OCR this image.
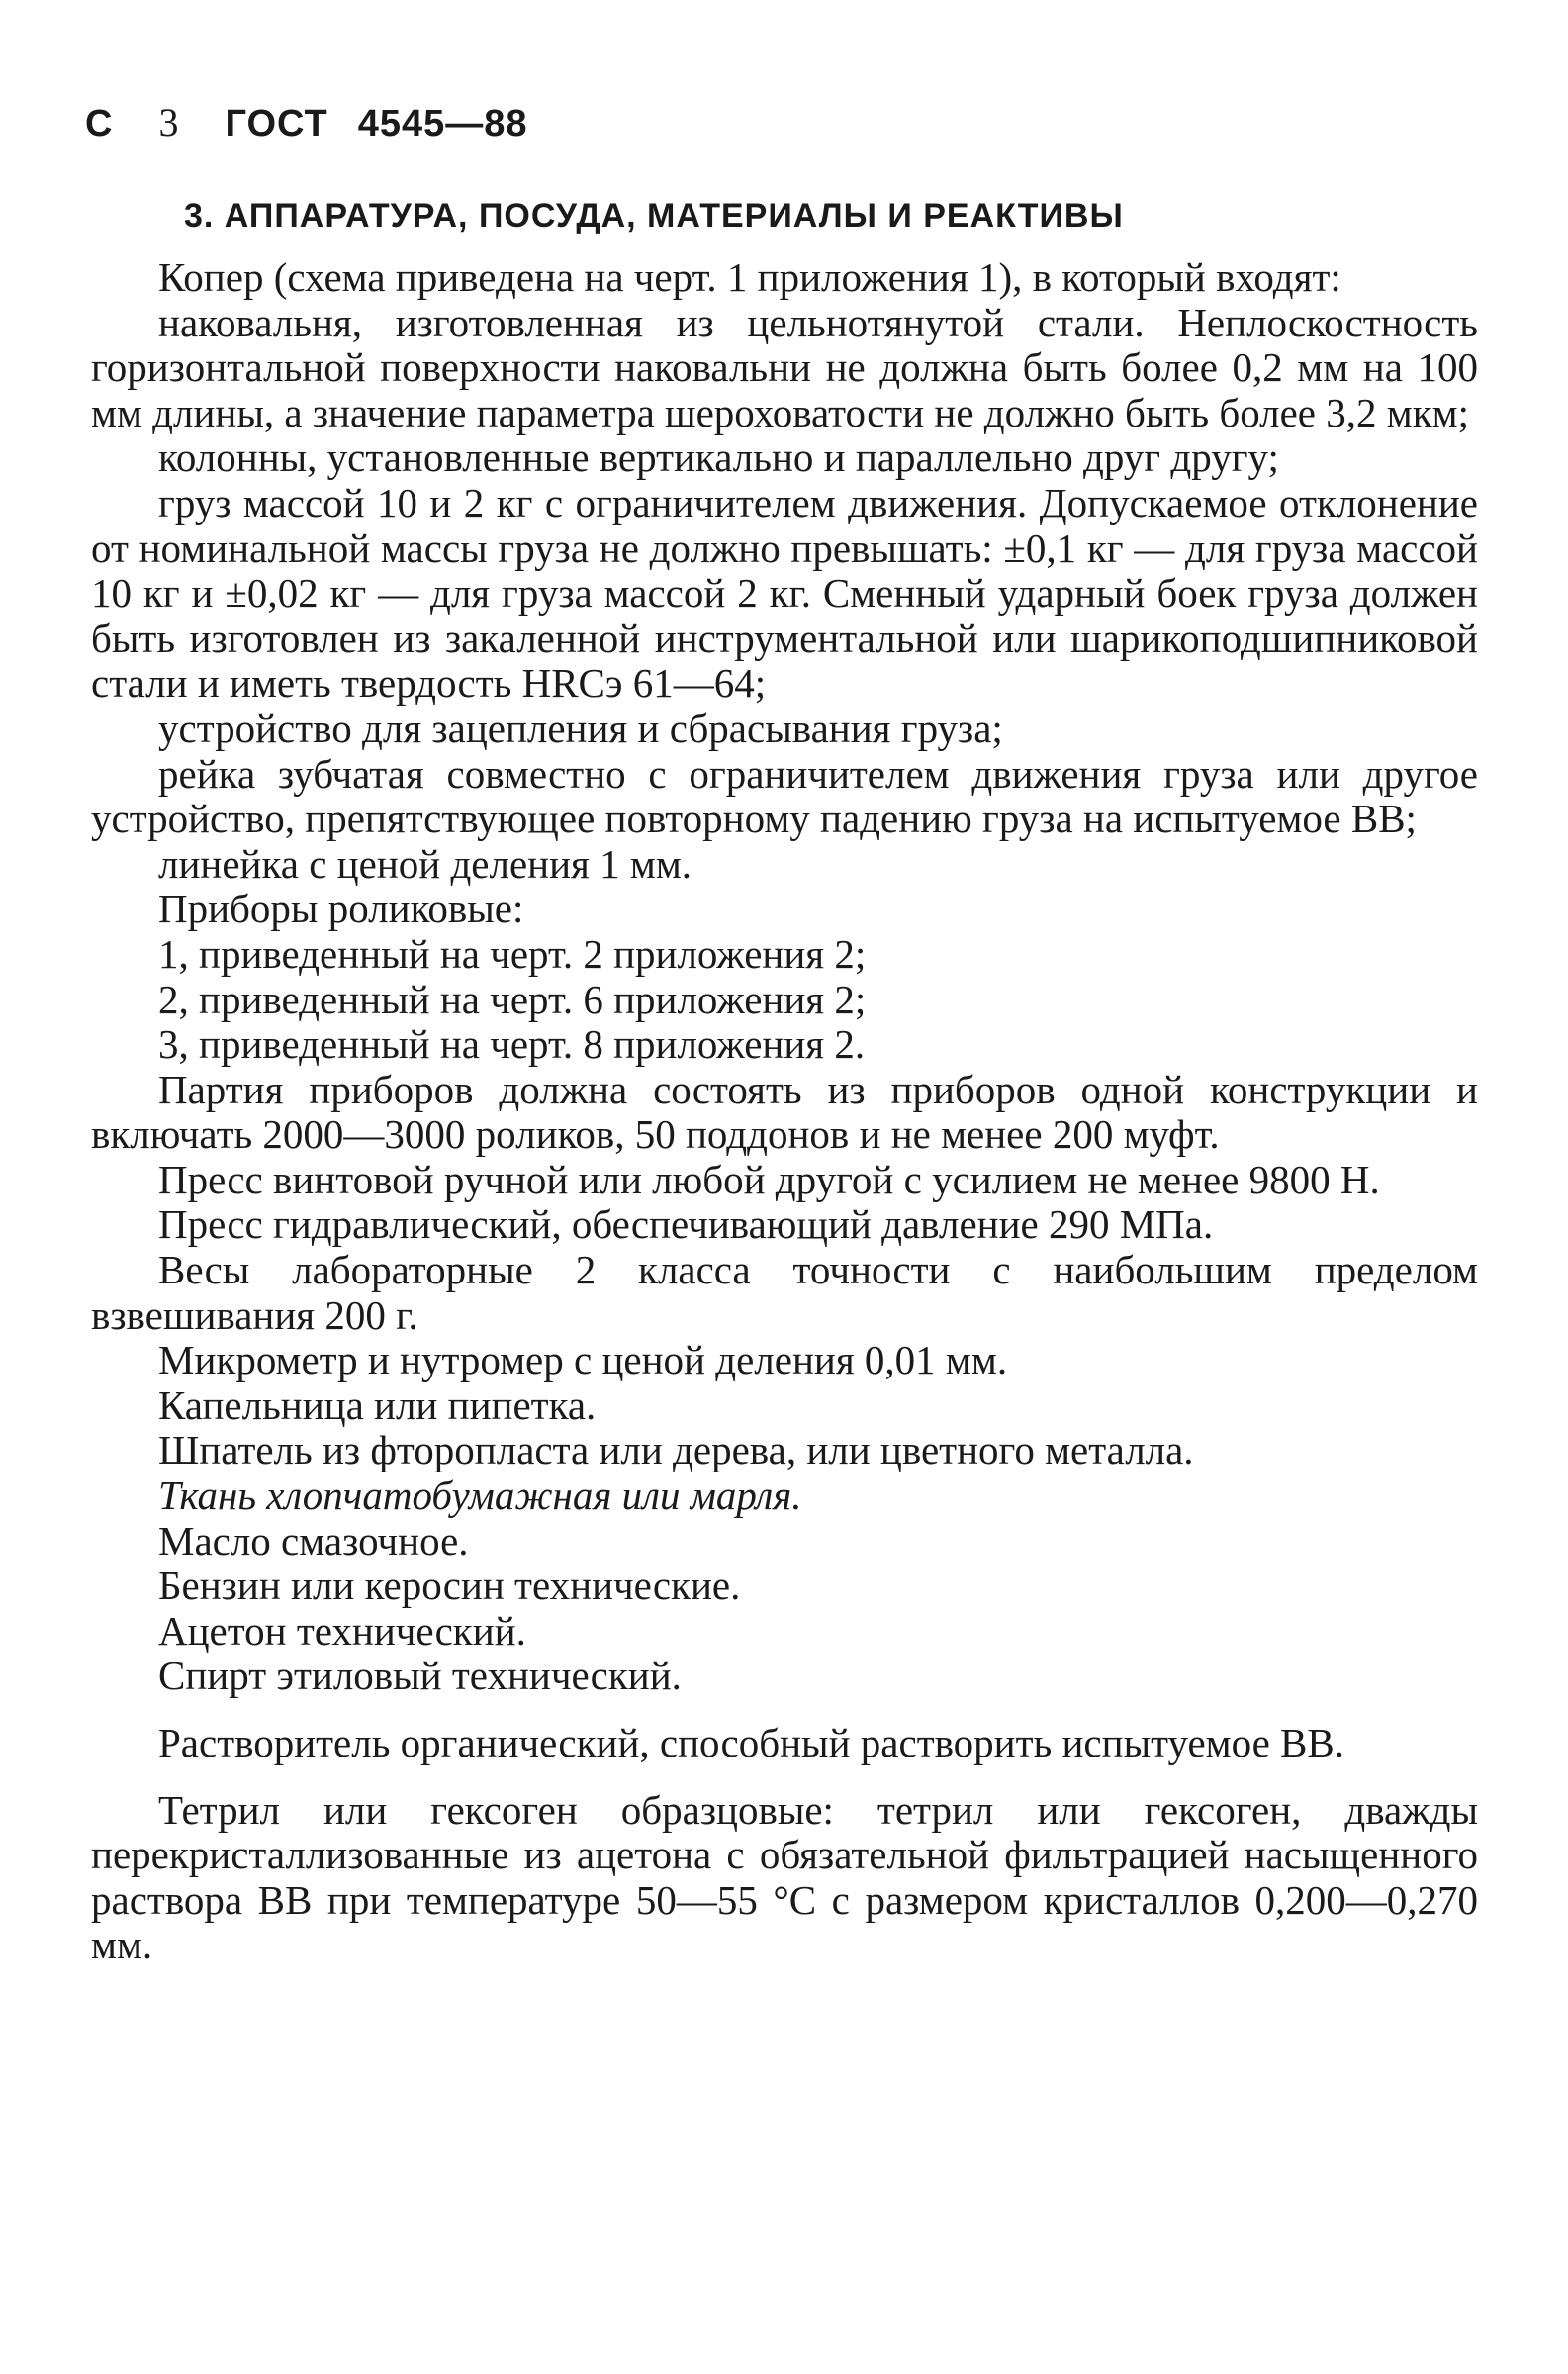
С 3 ГОСТ 4545—88
3. АППАРАТУРА, ПОСУДА, МАТЕРИАЛЫ И РЕАКТИВЫ

Копер (схема приведена на черт. 1 приложения 1), в который входят:

наковальня, изготовленная из цельнотянутой стали. Неплоскостность горизонтальной поверхности наковальни не должна быть более 0,2 мм на 100 мм длины, а значение параметра шероховатости не должно быть более 3,2 мкм;

колонны, установленные вертикально и параллельно друг другу;

груз массой 10 и 2 кг с ограничителем движения. Допускаемое отклонение от номинальной массы груза не должно превышать: ±0,1 кг — для груза массой 10 кг и ±0,02 кг — для груза массой 2 кг. Сменный ударный боек груза должен быть изготовлен из закаленной инструментальной или шарикоподшипниковой стали и иметь твердость HRCэ 61—64;

устройство для зацепления и сбрасывания груза;

рейка зубчатая совместно с ограничителем движения груза или другое устройство, препятствующее повторному падению груза на испытуемое ВВ;

линейка с ценой деления 1 мм.

Приборы роликовые:

1, приведенный на черт. 2 приложения 2;

2, приведенный на черт. 6 приложения 2;

3, приведенный на черт. 8 приложения 2.

Партия приборов должна состоять из приборов одной конструкции и включать 2000—3000 роликов, 50 поддонов и не менее 200 муфт.

Пресс винтовой ручной или любой другой с усилием не менее 9800 Н.

Пресс гидравлический, обеспечивающий давление 290 МПа.

Весы лабораторные 2 класса точности с наибольшим пределом взвешивания 200 г.

Микрометр и нутромер с ценой деления 0,01 мм.

Капельница или пипетка.

Шпатель из фторопласта или дерева, или цветного металла.

Ткань хлопчатобумажная или марля.

Масло смазочное.

Бензин или керосин технические.

Ацетон технический.

Спирт этиловый технический.

Растворитель органический, способный растворить испытуемое ВВ.

Тетрил или гексоген образцовые: тетрил или гексоген, дважды перекристаллизованные из ацетона с обязательной фильтрацией насыщенного раствора ВВ при температуре 50—55 °С с размером кристаллов 0,200—0,270 мм.
